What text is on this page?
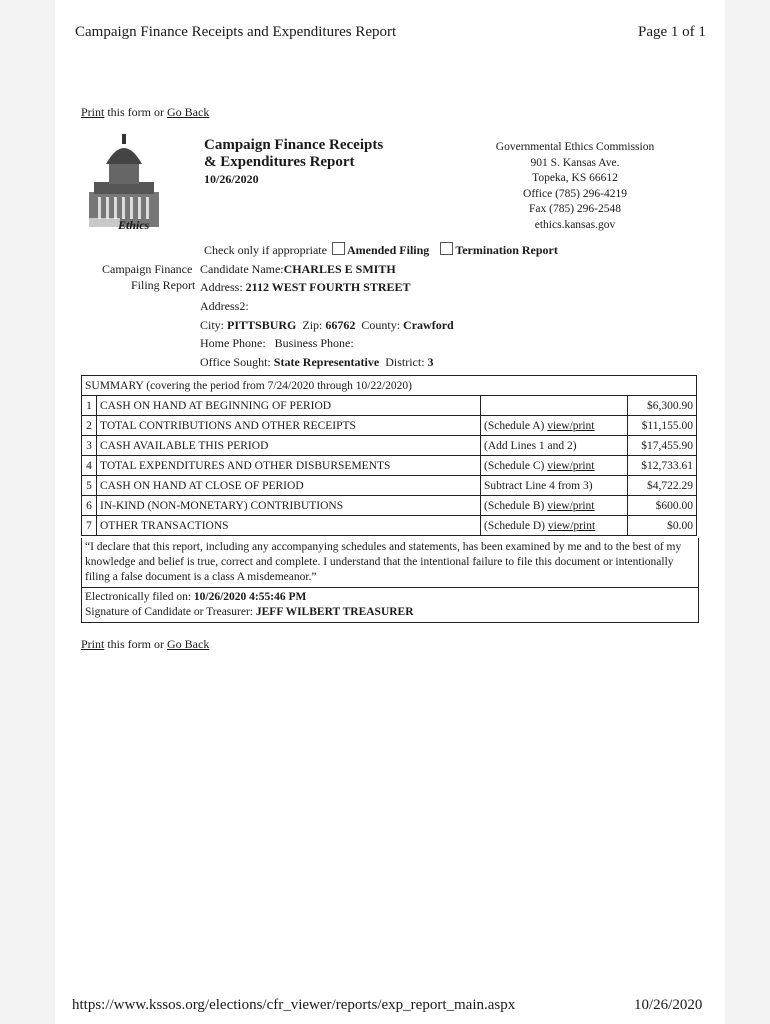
Campaign Finance Receipts and Expenditures Report	Page 1 of 1
Print this form or Go Back
Ethics
Campaign Finance Receipts
& Expenditures Report
10/26/2020
Governmental Ethics Commission
901 S. Kansas Ave.
Topeka, KS 66612
Office (785) 296-4219
Fax (785) 296-2548
ethics.kansas.gov
Check only if appropriate Amended Filing Termination Report
Campaign Finance
Filing Report
Candidate Name:CHARLES E SMITH
Address: 2112 WEST FOURTH STREET
Address2:
City: PITTSBURG Zip: 66762 County: Crawford
Home Phone: Business Phone:
Office Sought: State Representative District: 3
SUMMARY (covering the period from 7/24/2020 through 10/22/2020)			
1	CASH ON HAND AT BEGINNING OF PERIOD		$6,300.90
2	TOTAL CONTRIBUTIONS AND OTHER RECEIPTS	(Schedule A) view/print	$11,155.00
3	CASH AVAILABLE THIS PERIOD	(Add Lines 1 and 2)	$17,455.90
4	TOTAL EXPENDITURES AND OTHER DISBURSEMENTS	(Schedule C) view/print	$12,733.61
5	CASH ON HAND AT CLOSE OF PERIOD	Subtract Line 4 from 3)	$4,722.29
6	IN-KIND (NON-MONETARY) CONTRIBUTIONS	(Schedule B) view/print	$600.00
7	OTHER TRANSACTIONS	(Schedule D) view/print	$0.00
“I declare that this report, including any accompanying schedules and statements, has been examined by me and to the best of my knowledge and belief is true, correct and complete. I understand that the intentional failure to file this document or intentionally filing a false document is a class A misdemeanor.”
Electronically filed on: 10/26/2020 4:55:46 PM
Signature of Candidate or Treasurer: JEFF WILBERT TREASURER
Print this form or Go Back
https://www.kssos.org/elections/cfr_viewer/reports/exp_report_main.aspx	10/26/2020
